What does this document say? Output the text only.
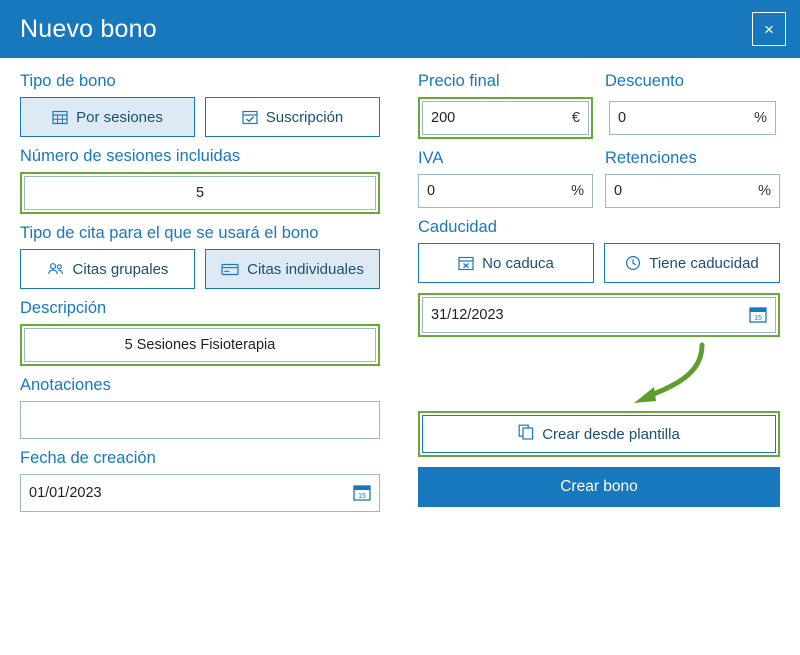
Nuevo bono	×
Tipo de bono
Por sesiones	Suscripción
Número de sesiones incluidas
5
Tipo de cita para el que se usará el bono
Citas grupales	Citas individuales
Descripción
5 Sesiones Fisioterapia
Anotaciones
Fecha de creación
01/01/2023	15
Precio final	Descuento
200	€	0	%
IVA	Retenciones
0	% 0	%
Caducidad
No caduca	Tiene caducidad
31/12/2023	15
Crear desde plantilla
Crear bono
